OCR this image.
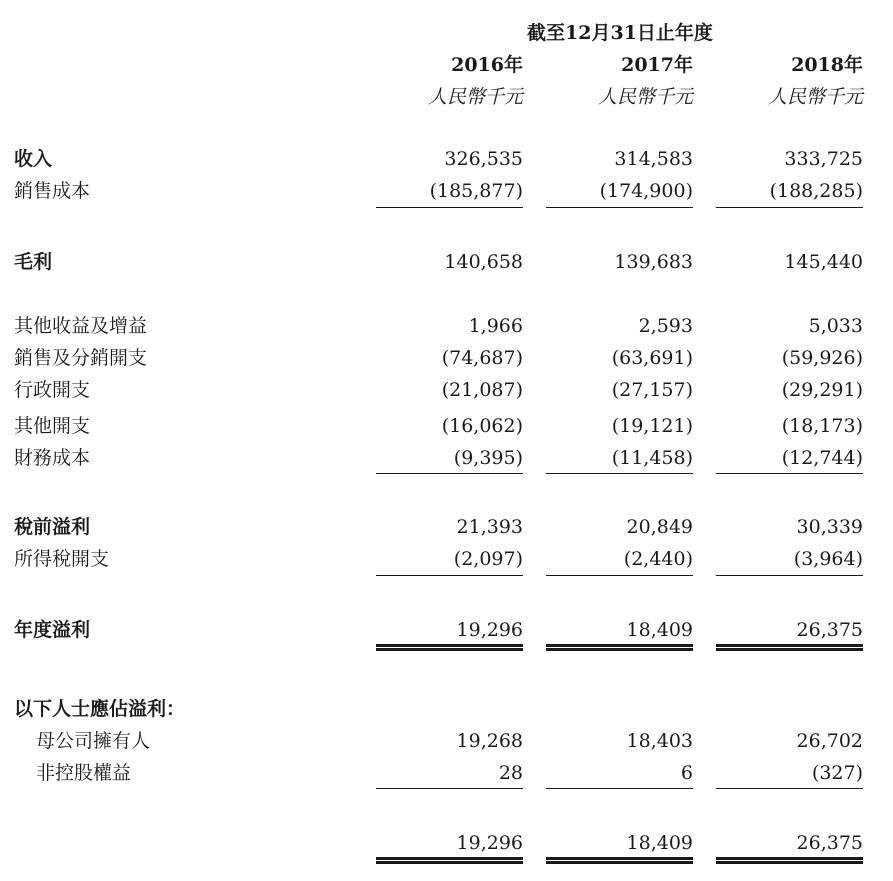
截至12月31日止年度
2016年	2017年	2018年
人民幣千元	人民幣千元	人民幣千元
收入	326,535	314,583	333,725
銷售成本	(185,877)	(174,900)	(188,285)
毛利	140,658	139,683	145,440
其他收益及增益	1,966	2,593	5,033
銷售及分銷開支	(74,687)	(63,691)	(59,926)
行政開支	(21,087)	(27,157)	(29,291)
其他開支	(16,062)	(19,121)	(18,173)
財務成本	(9,395)	(11,458)	(12,744)
稅前溢利	21,393	20,849	30,339
所得稅開支	(2,097)	(2,440)	(3,964)
年度溢利	19,296	18,409	26,375
以下人士應佔溢利：
母公司擁有人	19,268	18,403	26,702
非控股權益	28	6	(327)
19,296	18,409	26,375
